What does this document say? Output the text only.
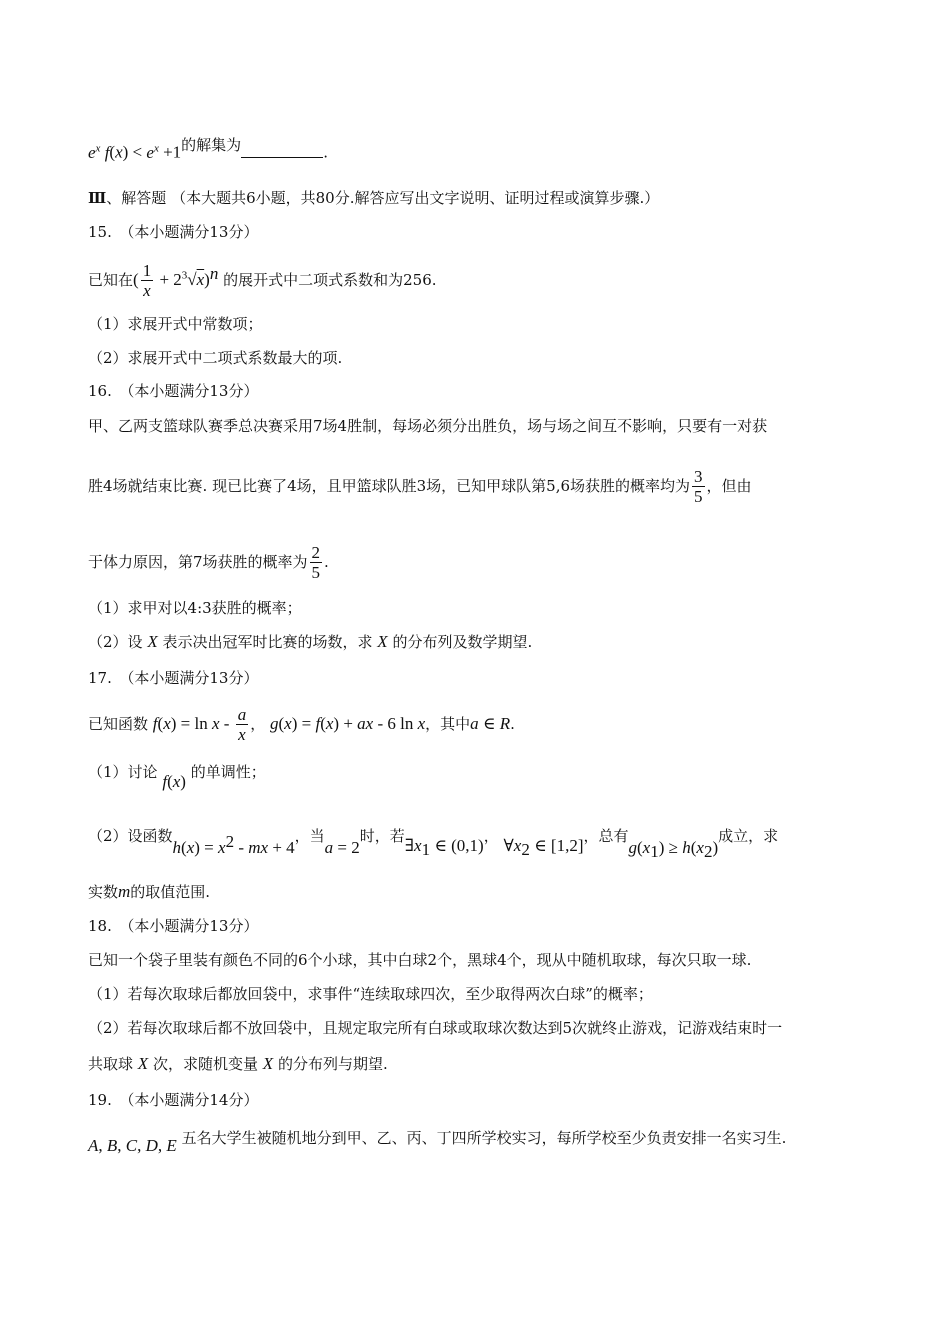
$e^x$ $f(x) < e^x +1$的解集为	.
Ⅲ、解答题 （本大题共6小题，共80分.解答应写出文字说明、证明过程或演算步骤.）
15.　（本小题满分13分）
已知在( $\frac{1}{x} + 2^3√x)^n$ 的展开式中二项式系数和为256.
（1）求展开式中常数项；
（2）求展开式中二项式系数最大的项.
16.　（本小题满分13分）
甲、乙两支篮球队赛季总决赛采用7场4胜制，每场必须分出胜负，场与场之间互不影响，只要有一对获
胜4场就结束比赛. 现已比赛了4场，且甲篮球队胜3场，已知甲球队第5,6场获胜的概率均为 $\frac{3}{5}$ ，但由
于体力原因，第7场获胜的概率为 $\frac{2}{5}$ .
（1）求甲对以4:3获胜的概率；
（2）设 X 表示决出冠军时比赛的场数，求 X 的分布列及数学期望.
17.　（本小题满分13分）
已知函数 $f(x) = \ln x - \frac{a}{x}$ ， g(x) = f(x) + ax - 6 ln x，其中a ∈ R.
（1）讨论 f(x) 的单调性；
（2）设函数$h(x) = x^2$ - mx + 4，当a = 2时，若$\exists x_1$ ∈ (0,1)， $\forall x_2$ ∈ [1,2]，总有$g(x_1) \ge h(x_2)$成立，求
实数m的取值范围.
18.　（本小题满分13分）
已知一个袋子里装有颜色不同的6个小球，其中白球2个，黑球4个，现从中随机取球，每次只取一球.
（1）若每次取球后都放回袋中，求事件“连续取球四次，至少取得两次白球”的概率；
（2）若每次取球后都不放回袋中，且规定取完所有白球或取球次数达到5次就终止游戏，记游戏结束时一
共取球 X 次，求随机变量 X 的分布列与期望.
19.　（本小题满分14分）
A, B, C, D, E 五名大学生被随机地分到甲、乙、丙、丁四所学校实习，每所学校至少负责安排一名实习生.
